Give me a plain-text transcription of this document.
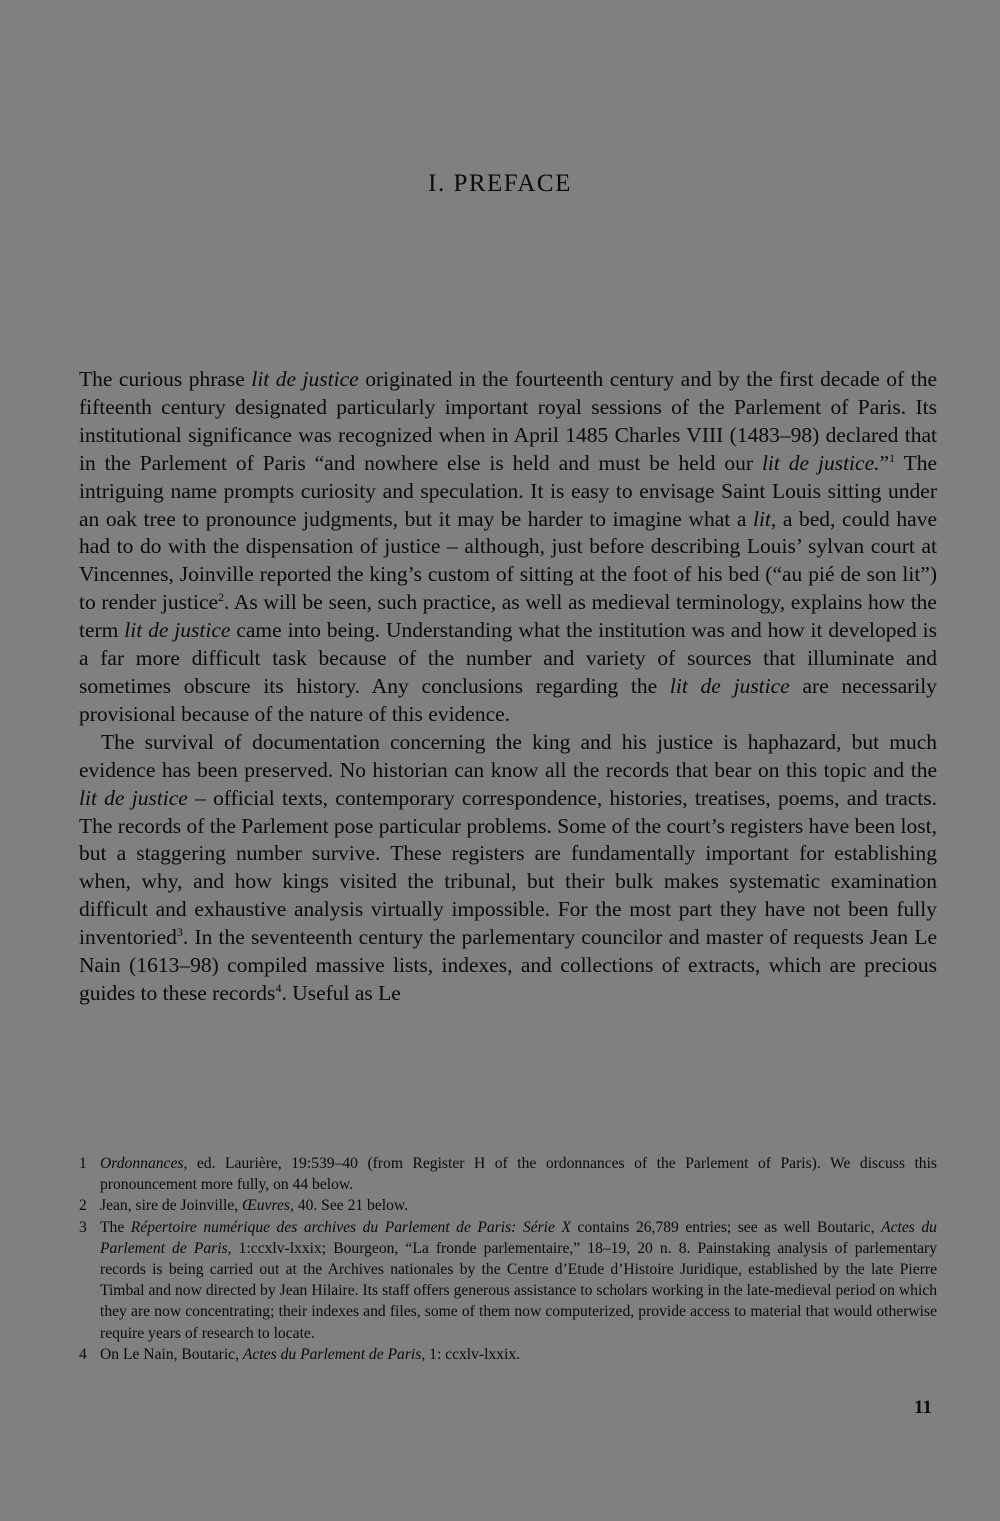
I. PREFACE

The curious phrase lit de justice originated in the fourteenth century and by the first decade of the fifteenth century designated particularly important royal sessions of the Parlement of Paris. Its institutional significance was recognized when in April 1485 Charles VIII (1483–98) declared that in the Parlement of Paris “and nowhere else is held and must be held our lit de justice.”$^1$ The intriguing name prompts curiosity and speculation. It is easy to envisage Saint Louis sitting under an oak tree to pronounce judgments, but it may be harder to imagine what a lit, a bed, could have had to do with the dispensation of justice – although, just before describing Louis’ sylvan court at Vincennes, Joinville reported the king’s custom of sitting at the foot of his bed (“au pié de son lit”) to render justice$^2$. As will be seen, such practice, as well as medieval terminology, explains how the term lit de justice came into being. Understanding what the institution was and how it developed is a far more difficult task because of the number and variety of sources that illuminate and sometimes obscure its history. Any conclusions regarding the lit de justice are necessarily provisional because of the nature of this evidence.

The survival of documentation concerning the king and his justice is haphazard, but much evidence has been preserved. No historian can know all the records that bear on this topic and the lit de justice – official texts, contemporary correspondence, histories, treatises, poems, and tracts. The records of the Parlement pose particular problems. Some of the court’s registers have been lost, but a staggering number survive. These registers are fundamentally important for establishing when, why, and how kings visited the tribunal, but their bulk makes systematic examination difficult and exhaustive analysis virtually impossible. For the most part they have not been fully inventoried$^3$. In the seventeenth century the parlementary councilor and master of requests Jean Le Nain (1613–98) compiled massive lists, indexes, and collections of extracts, which are precious guides to these records$^4$. Useful as Le

1 Ordonnances, ed. Laurière, 19:539–40 (from Register H of the ordonnances of the Parlement of Paris). We discuss this pronouncement more fully, on 44 below.
2 Jean, sire de Joinville, Œuvres, 40. See 21 below.
3 The Répertoire numérique des archives du Parlement de Paris: Série X contains 26,789 entries; see as well Boutaric, Actes du Parlement de Paris, 1:ccxlv-lxxix; Bourgeon, “La fronde parlementaire,” 18–19, 20 n. 8. Painstaking analysis of parlementary records is being carried out at the Archives nationales by the Centre d’Etude d’Histoire Juridique, established by the late Pierre Timbal and now directed by Jean Hilaire. Its staff offers generous assistance to scholars working in the late-medieval period on which they are now concentrating; their indexes and files, some of them now computerized, provide access to material that would otherwise require years of research to locate.
4 On Le Nain, Boutaric, Actes du Parlement de Paris, 1: ccxlv-lxxix.
11
